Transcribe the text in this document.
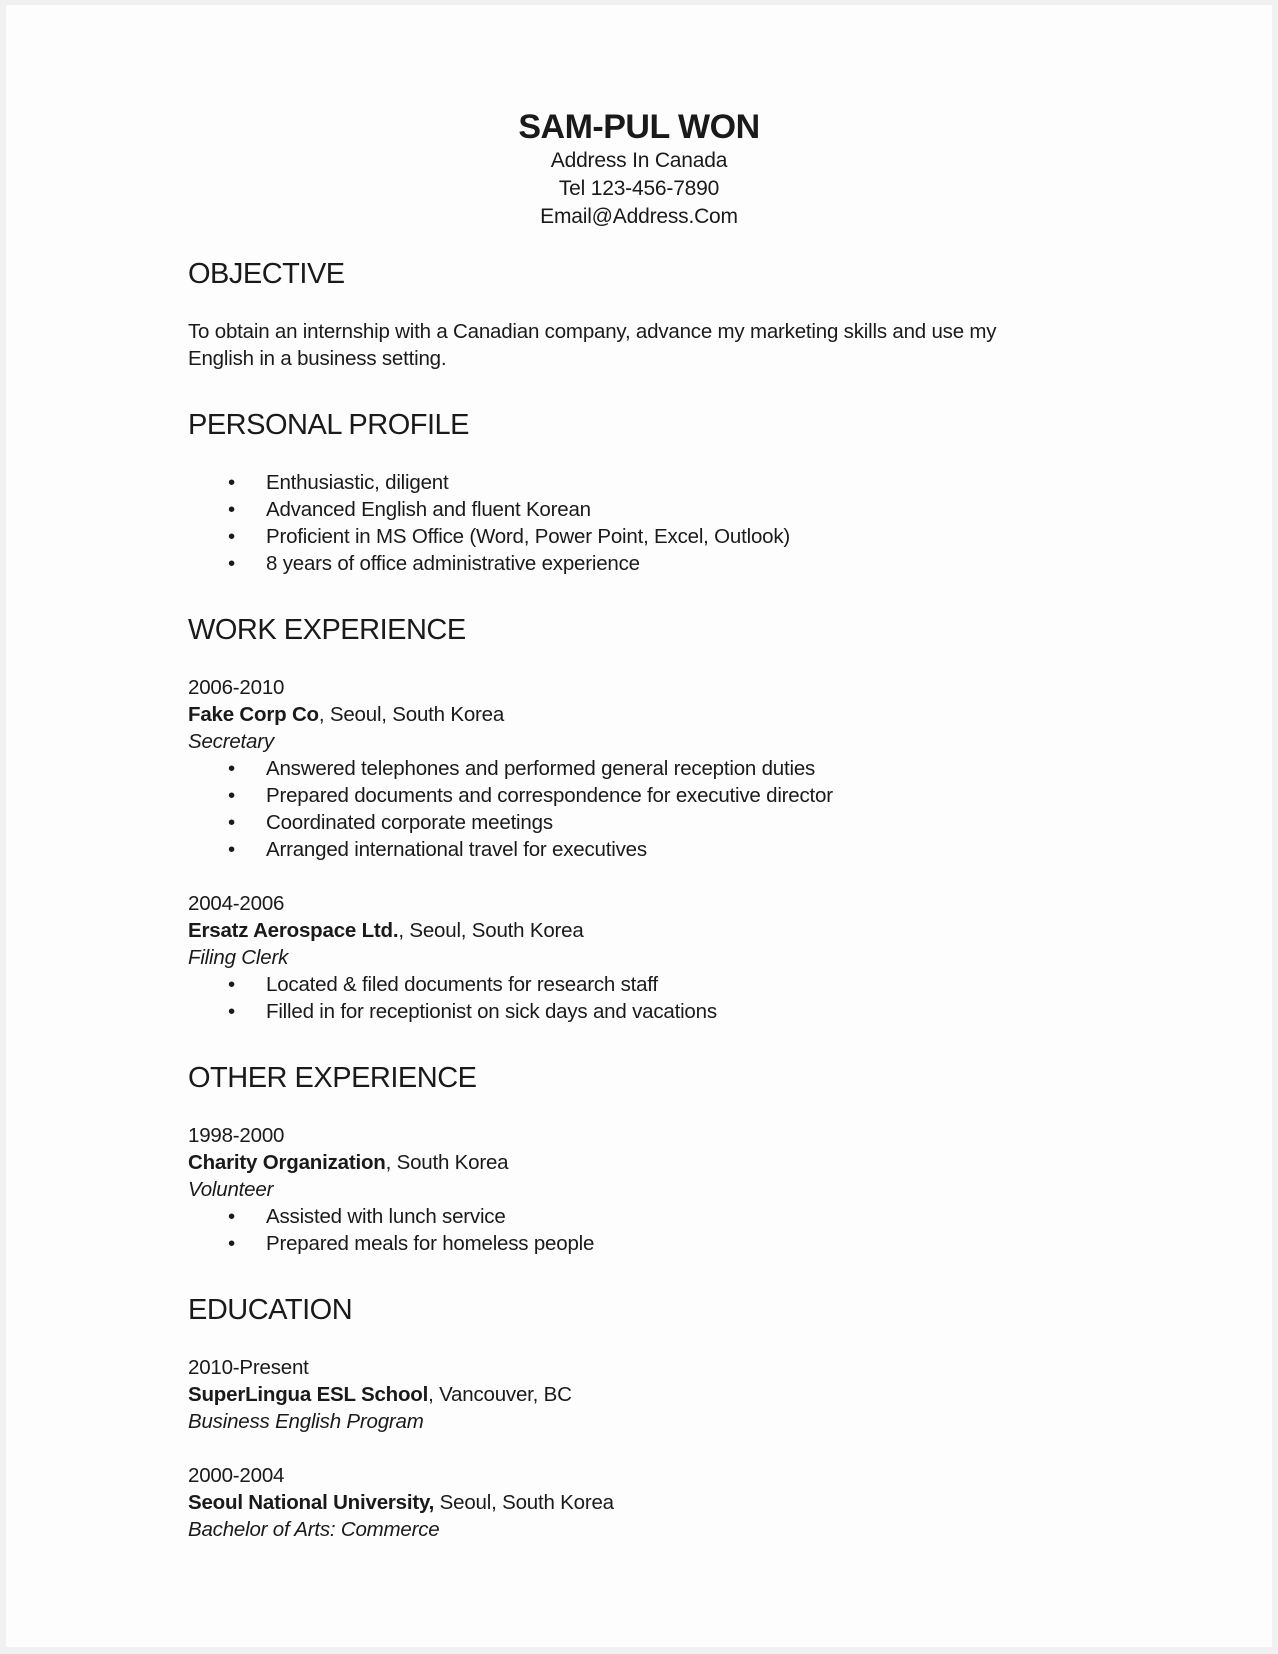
SAM-PUL WON
Address In Canada
Tel 123-456-7890
Email@Address.Com
OBJECTIVE
To obtain an internship with a Canadian company, advance my marketing skills and use my English in a business setting.
PERSONAL PROFILE
• Enthusiastic, diligent
• Advanced English and fluent Korean
• Proficient in MS Office (Word, Power Point, Excel, Outlook)
• 8 years of office administrative experience
WORK EXPERIENCE
2006-2010
Fake Corp Co, Seoul, South Korea
Secretary
• Answered telephones and performed general reception duties
• Prepared documents and correspondence for executive director
• Coordinated corporate meetings
• Arranged international travel for executives
2004-2006
Ersatz Aerospace Ltd., Seoul, South Korea
Filing Clerk
• Located & filed documents for research staff
• Filled in for receptionist on sick days and vacations
OTHER EXPERIENCE
1998-2000
Charity Organization, South Korea
Volunteer
• Assisted with lunch service
• Prepared meals for homeless people
EDUCATION
2010-Present
SuperLingua ESL School, Vancouver, BC
Business English Program
2000-2004
Seoul National University, Seoul, South Korea
Bachelor of Arts: Commerce
